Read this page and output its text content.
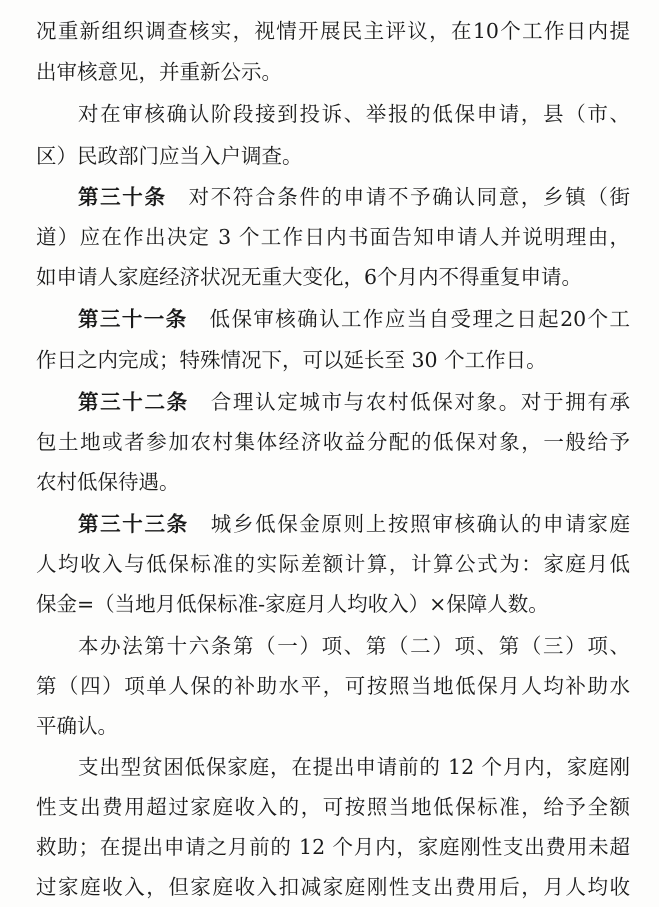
况重新组织调查核实，视情开展民主评议，在10个工作日内提
出审核意见，并重新公示。
对在审核确认阶段接到投诉、举报的低保申请，县（市、
区）民政部门应当入户调查。
第三十条 对不符合条件的申请不予确认同意，乡镇（街
道）应在作出决定 3 个工作日内书面告知申请人并说明理由，
如申请人家庭经济状况无重大变化，6个月内不得重复申请。
第三十一条 低保审核确认工作应当自受理之日起20个工
作日之内完成；特殊情况下，可以延长至 30 个工作日。
第三十二条 合理认定城市与农村低保对象。对于拥有承
包土地或者参加农村集体经济收益分配的低保对象，一般给予
农村低保待遇。
第三十三条 城乡低保金原则上按照审核确认的申请家庭
人均收入与低保标准的实际差额计算，计算公式为：家庭月低
保金=（当地月低保标准-家庭月人均收入）×保障人数。
本办法第十六条第（一）项、第（二）项、第（三）项、
第（四）项单人保的补助水平，可按照当地低保月人均补助水
平确认。
支出型贫困低保家庭，在提出申请前的 12 个月内，家庭刚
性支出费用超过家庭收入的，可按照当地低保标准，给予全额
救助；在提出申请之月前的 12 个月内，家庭刚性支出费用未超
过家庭收入，但家庭收入扣减家庭刚性支出费用后，月人均收
